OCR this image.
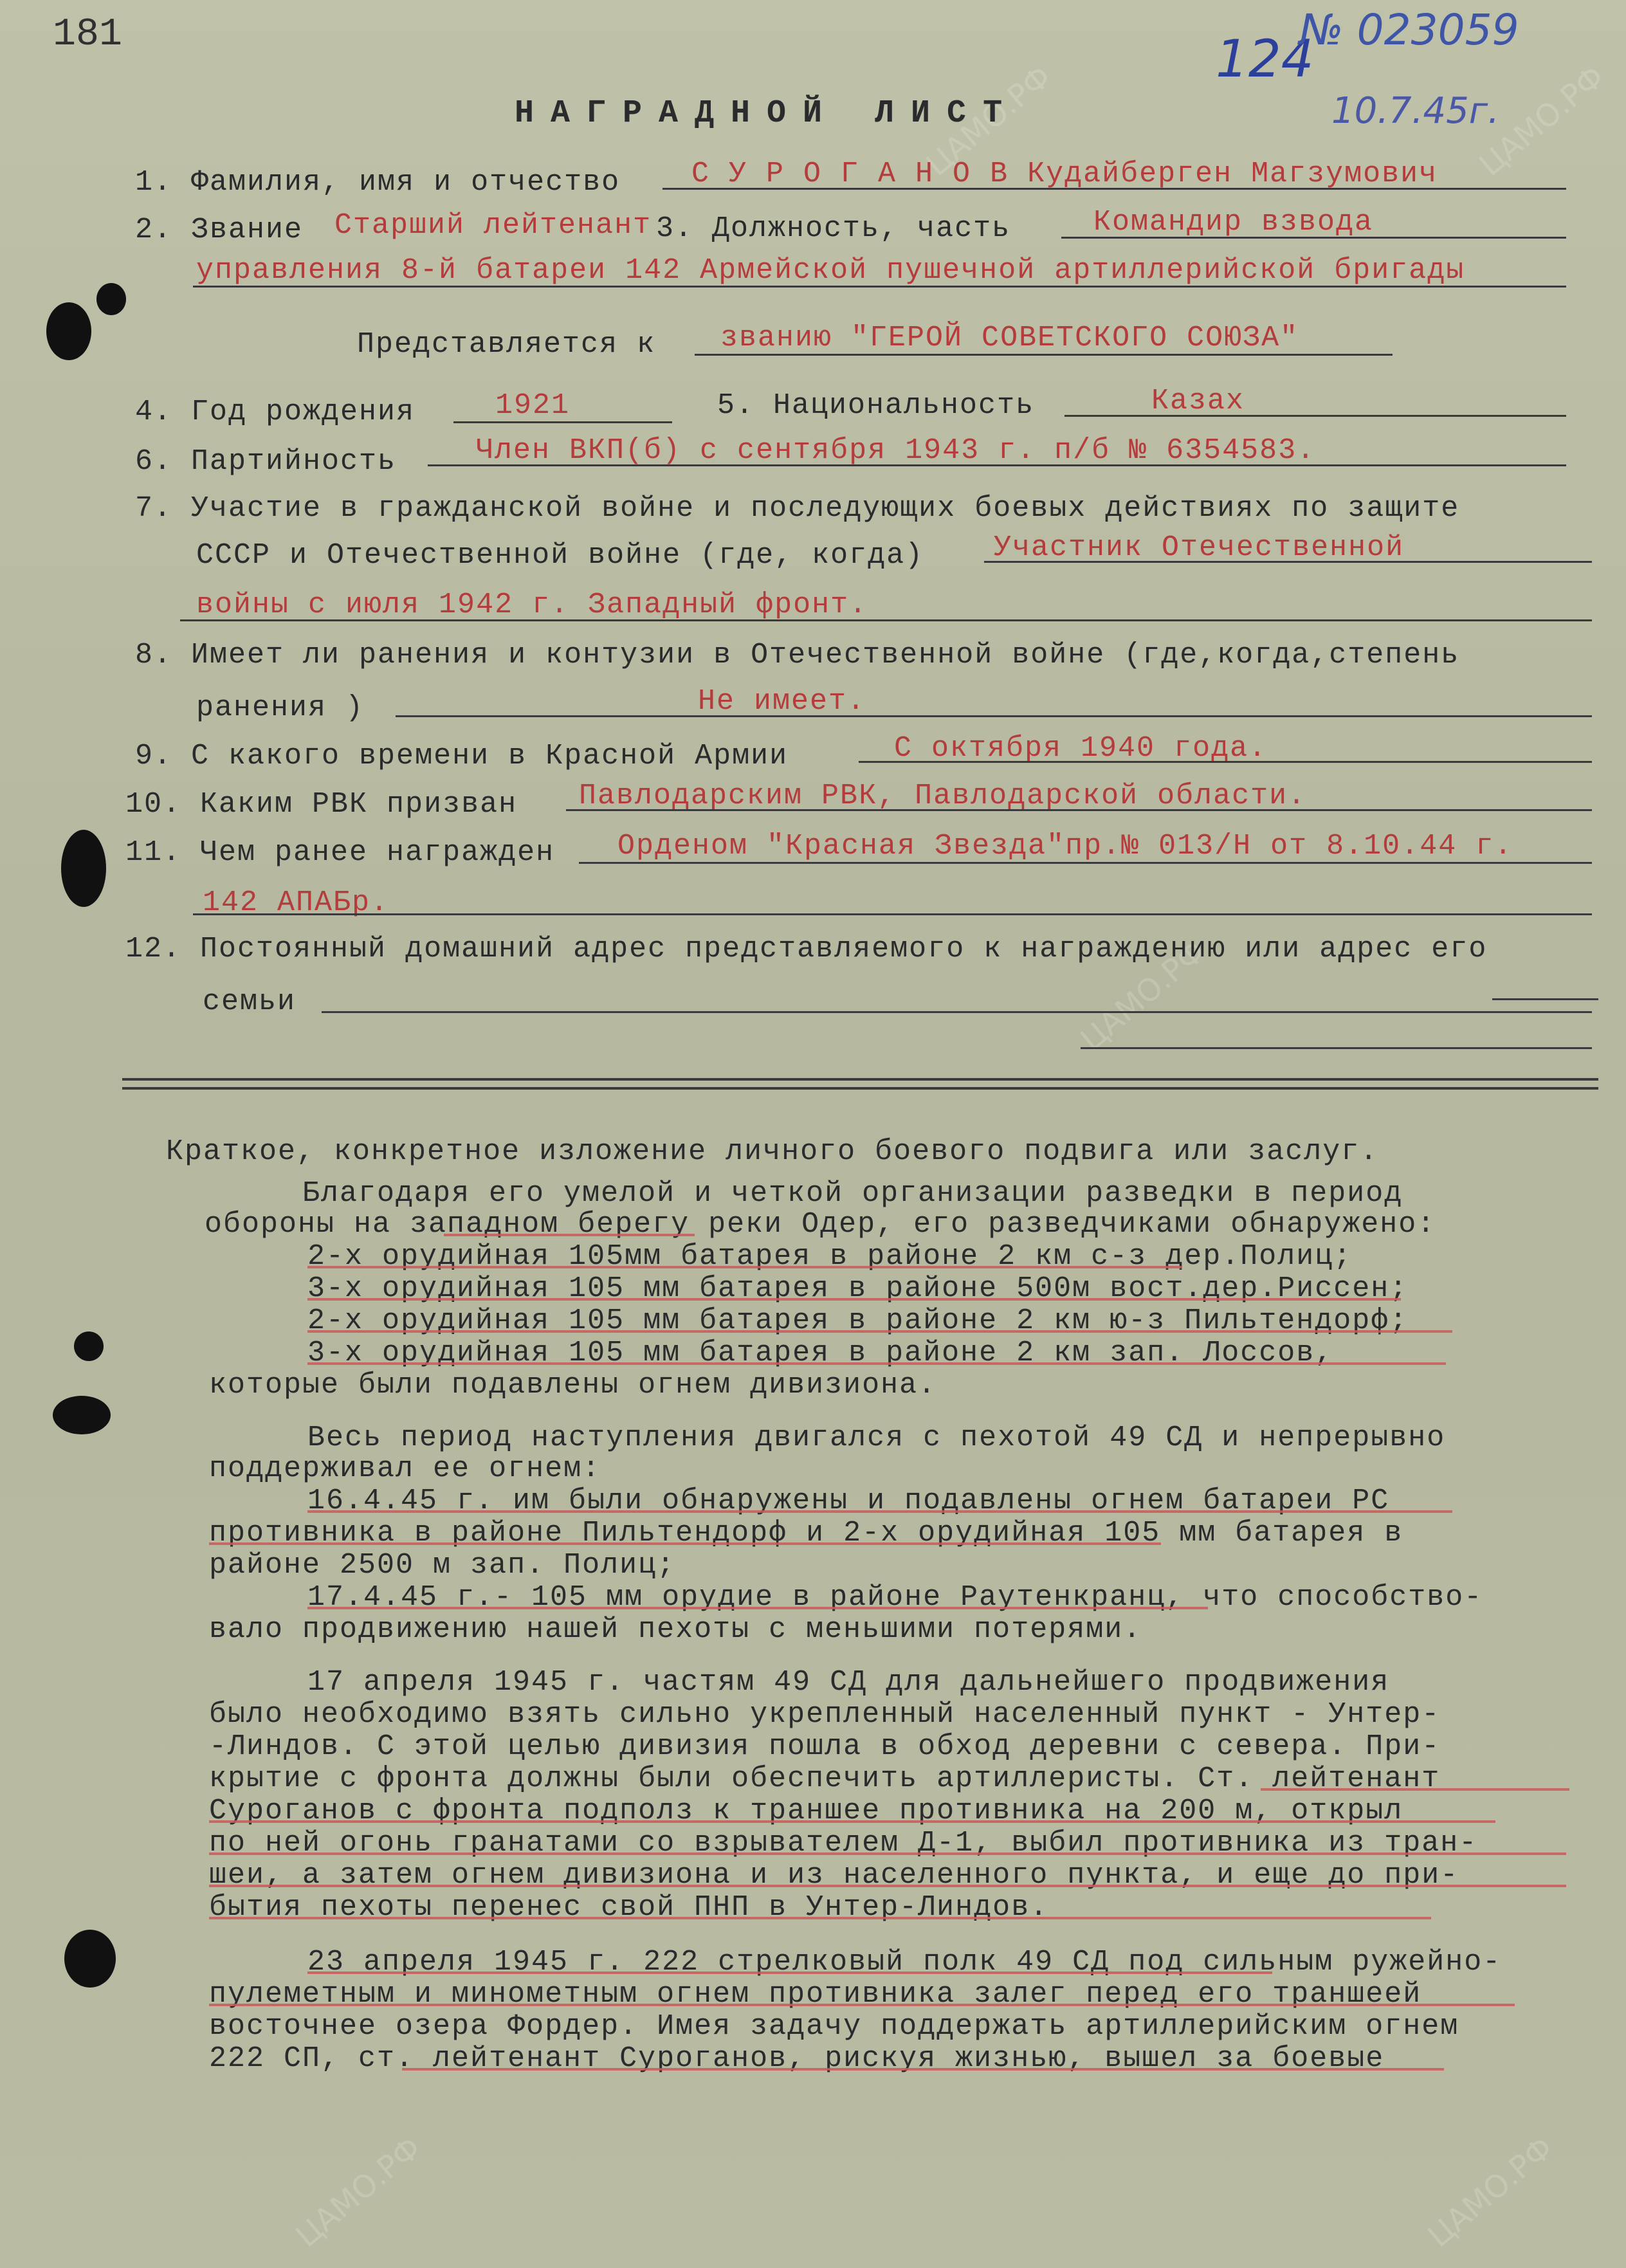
ЦАМО.РФ	ЦАМО.РФ
ЦАМО.РФ
ЦАМО.РФ	ЦАМО.РФ
181	124
№ 023059
10.7.45г.
НАГРАДНОЙ ЛИСТ
1. Фамилия, имя и отчество С У Р О Г А Н О В Кудайберген Магзумович
2. Звание Старший лейтенант 3. Должность, часть	Командир взвода
управления 8-й батареи 142 Армейской пушечной артиллерийской бригады
Представляется к званию "ГЕРОЙ СОВЕТСКОГО СОЮЗА"
4. Год рождения	1921	5. Национальность	Казах
6. Партийность	Член ВКП(б) с сентября 1943 г. п/б № 6354583.
7. Участие в гражданской войне и последующих боевых действиях по защите
СССР и Отечественной войне (где, когда) Участник Отечественной
войны с июля 1942 г. Западный фронт.
8. Имеет ли ранения и контузии в Отечественной войне (где,когда,степень
ранения )	Не имеет.
9. С какого времени в Красной Армии	С октября 1940 года.
10. Каким РВК призван Павлодарским РВК, Павлодарской области.
11. Чем ранее награжден Орденом "Красная Звезда"пр.№ 013/Н от 8.10.44 г.
142 АПАБр.
12. Постоянный домашний адрес представляемого к награждению или адрес его
семьи
Краткое, конкретное изложение личного боевого подвига или заслуг.
Благодаря его умелой и четкой организации разведки в период
обороны на западном берегу реки Одер, его разведчиками обнаружено:
2-х орудийная 105мм батарея в районе 2 км с-з дер.Полиц;
3-х орудийная 105 мм батарея в районе 500м вост.дер.Риссен;
2-х орудийная 105 мм батарея в районе 2 км ю-з Пильтендорф;
3-х орудийная 105 мм батарея в районе 2 км зап. Лоссов,
которые были подавлены огнем дивизиона.
Весь период наступления двигался с пехотой 49 СД и непрерывно
поддерживал ее огнем:
16.4.45 г. им были обнаружены и подавлены огнем батареи РС
противника в районе Пильтендорф и 2-х орудийная 105 мм батарея в
районе 2500 м зап. Полиц;
17.4.45 г.- 105 мм орудие в районе Раутенкранц, что способство-
вало продвижению нашей пехоты с меньшими потерями.
17 апреля 1945 г. частям 49 СД для дальнейшего продвижения
было необходимо взять сильно укрепленный населенный пункт - Унтер-
-Линдов. С этой целью дивизия пошла в обход деревни с севера. При-
крытие с фронта должны были обеспечить артиллеристы. Ст. лейтенант
Суроганов с фронта подполз к траншее противника на 200 м, открыл
по ней огонь гранатами со взрывателем Д-1, выбил противника из тран-
шеи, а затем огнем дивизиона и из населенного пункта, и еще до при-
бытия пехоты перенес свой ПНП в Унтер-Линдов.
23 апреля 1945 г. 222 стрелковый полк 49 СД под сильным ружейно-
пулеметным и минометным огнем противника залег перед его траншеей
восточнее озера Фордер. Имея задачу поддержать артиллерийским огнем
222 СП, ст. лейтенант Суроганов, рискуя жизнью, вышел за боевые
